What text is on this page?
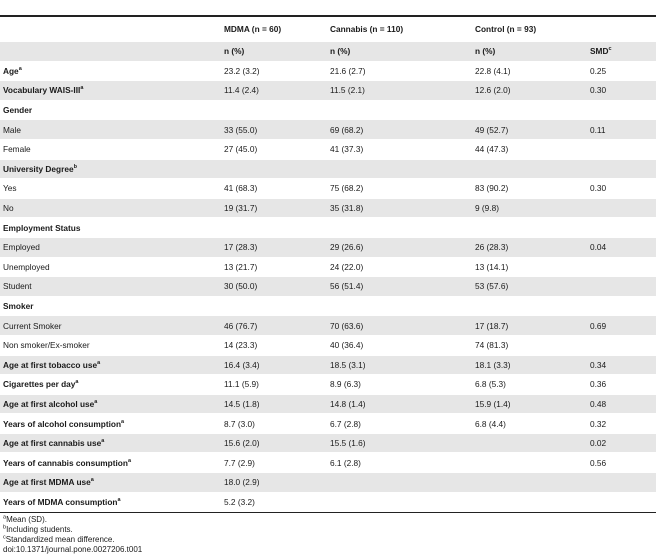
	MDMA (n = 60)	Cannabis (n = 110)	Control (n = 93)	
	n (%)	n (%)	n (%)	SMD$^c$
Age$^a$	23.2 (3.2)	21.6 (2.7)	22.8 (4.1)	0.25
Vocabulary WAIS-III$^a$	11.4 (2.4)	11.5 (2.1)	12.6 (2.0)	0.30
Gender				
Male	33 (55.0)	69 (68.2)	49 (52.7)	0.11
Female	27 (45.0)	41 (37.3)	44 (47.3)	
University Degree$^b$				
Yes	41 (68.3)	75 (68.2)	83 (90.2)	0.30
No	19 (31.7)	35 (31.8)	9 (9.8)	
Employment Status				
Employed	17 (28.3)	29 (26.6)	26 (28.3)	0.04
Unemployed	13 (21.7)	24 (22.0)	13 (14.1)	
Student	30 (50.0)	56 (51.4)	53 (57.6)	
Smoker				
Current Smoker	46 (76.7)	70 (63.6)	17 (18.7)	0.69
Non smoker/Ex-smoker	14 (23.3)	40 (36.4)	74 (81.3)	
Age at first tobacco use$^a$	16.4 (3.4)	18.5 (3.1)	18.1 (3.3)	0.34
Cigarettes per day$^a$	11.1 (5.9)	8.9 (6.3)	6.8 (5.3)	0.36
Age at first alcohol use$^a$	14.5 (1.8)	14.8 (1.4)	15.9 (1.4)	0.48
Years of alcohol consumption$^a$	8.7 (3.0)	6.7 (2.8)	6.8 (4.4)	0.32
Age at first cannabis use$^a$	15.6 (2.0)	15.5 (1.6)		0.02
Years of cannabis consumption$^a$	7.7 (2.9)	6.1 (2.8)		0.56
Age at first MDMA use$^a$	18.0 (2.9)			
Years of MDMA consumption$^a$	5.2 (3.2)			
$^a$Mean (SD).
$^b$Including students.
$^c$Standardized mean difference.
doi:10.1371/journal.pone.0027206.t001
